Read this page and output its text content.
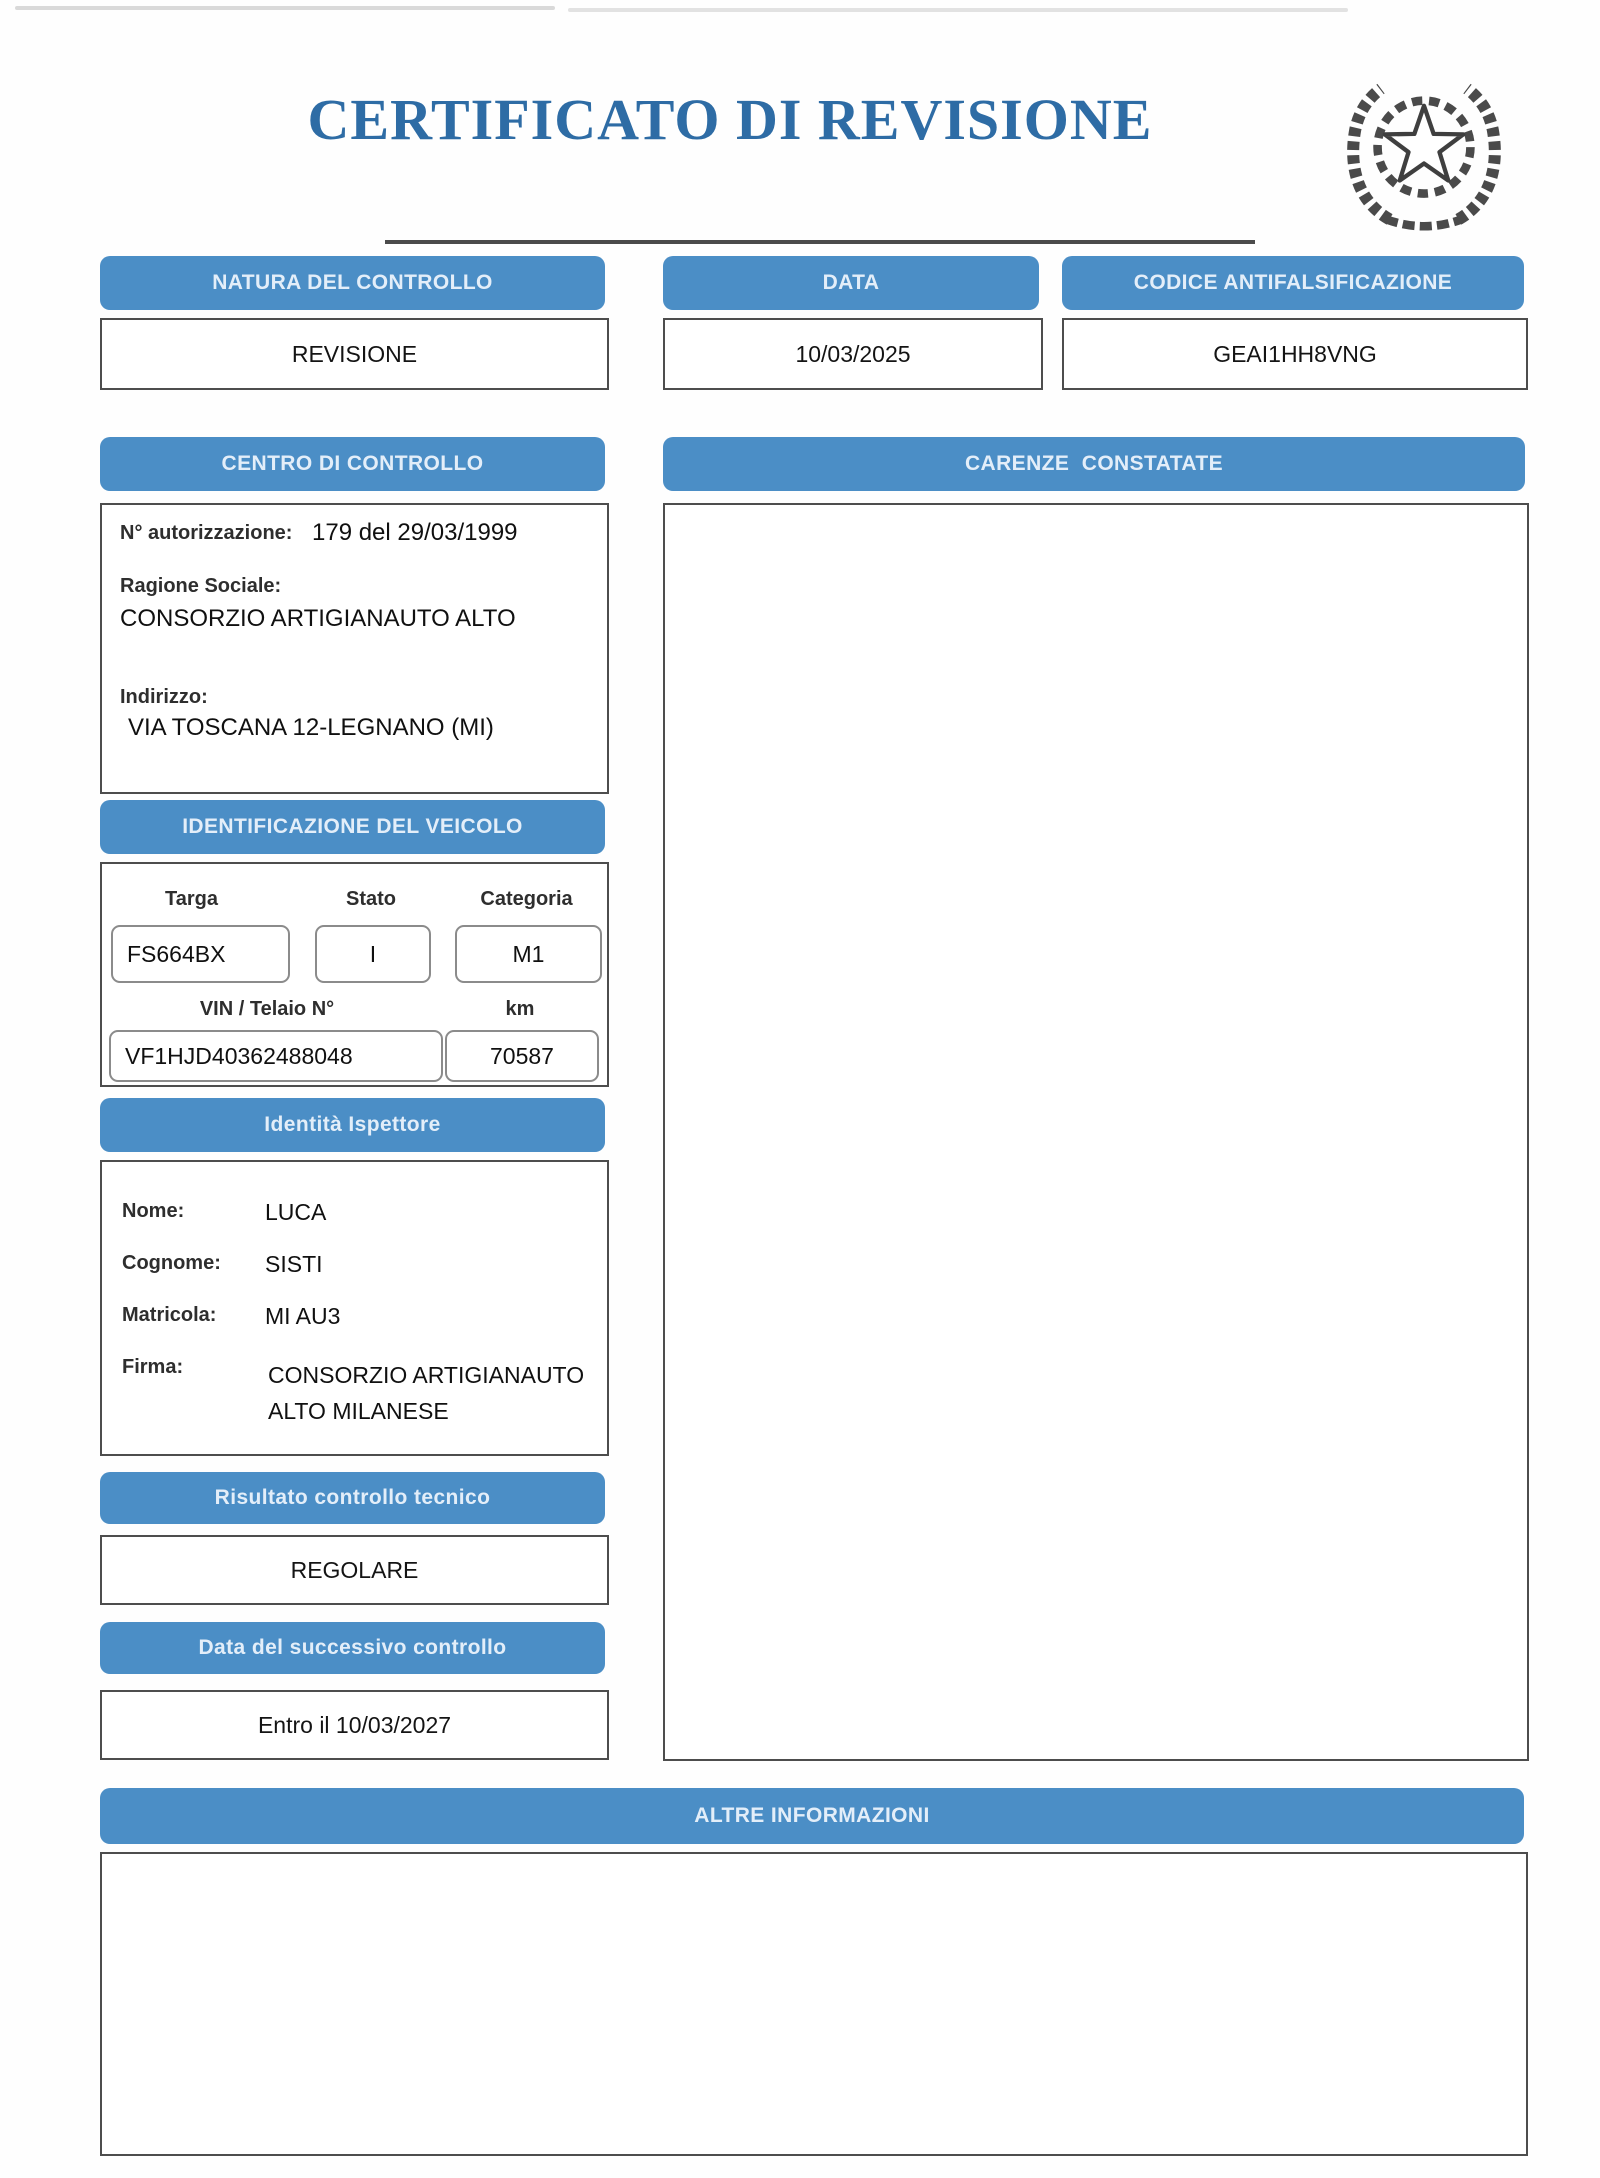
CERTIFICATO DI REVISIONE
NATURA DEL CONTROLLO	DATA	CODICE ANTIFALSIFICAZIONE
REVISIONE	10/03/2025	GEAI1HH8VNG
CENTRO DI CONTROLLO
N° autorizzazione: 179 del 29/03/1999
Ragione Sociale:
CONSORZIO ARTIGIANAUTO ALTO
Indirizzo:
VIA TOSCANA 12-LEGNANO (MI)
CARENZE  CONSTATATE
IDENTIFICAZIONE DEL VEICOLO
Targa	Stato	Categoria
FS664BX	I	M1
VIN / Telaio N°	km
VF1HJD40362488048	70587
Identità Ispettore
Nome:	LUCA
Cognome: SISTI
Matricola: MI AU3
Firma:	CONSORZIO ARTIGIANAUTO
ALTO MILANESE
Risultato controllo tecnico
REGOLARE
Data del successivo controllo
Entro il 10/03/2027
ALTRE INFORMAZIONI
